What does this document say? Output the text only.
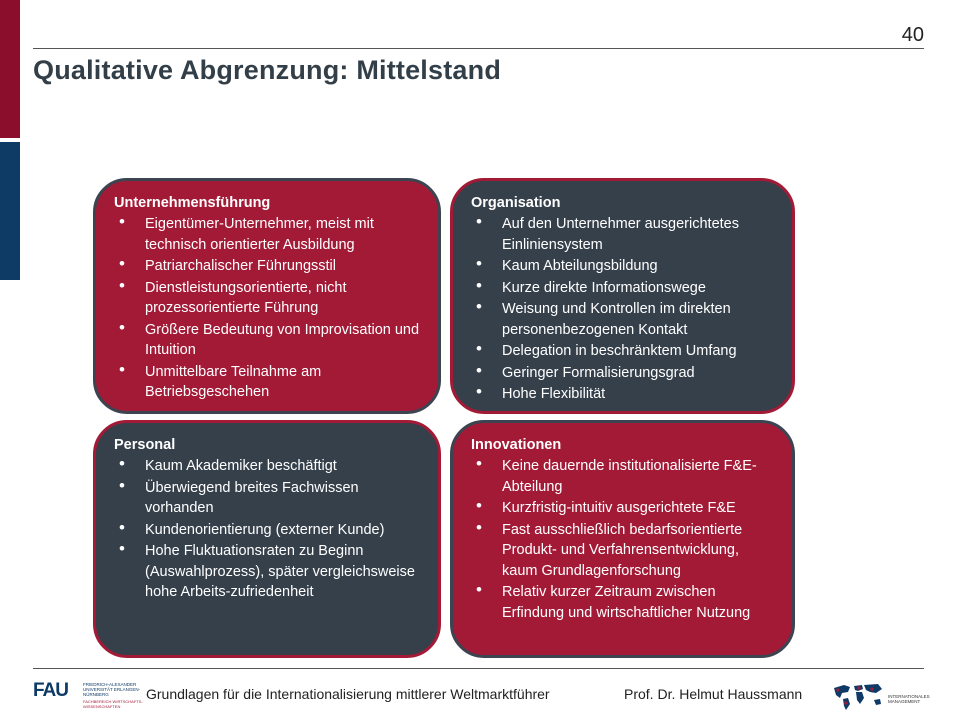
40
Qualitative Abgrenzung: Mittelstand
Unternehmensführung
• Eigentümer-Unternehmer, meist mit technisch orientierter Ausbildung
• Patriarchalischer Führungsstil
• Dienstleistungsorientierte, nicht prozessorientierte Führung
• Größere Bedeutung von Improvisation und Intuition
• Unmittelbare Teilnahme am Betriebsgeschehen
Organisation
• Auf den Unternehmer ausgerichtetes Einliniensystem
• Kaum Abteilungsbildung
• Kurze direkte Informationswege
• Weisung und Kontrollen im direkten personenbezogenen Kontakt
• Delegation in beschränktem Umfang
• Geringer Formalisierungsgrad
• Hohe Flexibilität
Personal
• Kaum Akademiker beschäftigt
• Überwiegend breites Fachwissen vorhanden
• Kundenorientierung (externer Kunde)
• Hohe Fluktuationsraten zu Beginn (Auswahlprozess), später vergleichsweise hohe Arbeits-zufriedenheit
Innovationen
• Keine dauernde institutionalisierte F&E-Abteilung
• Kurzfristig-intuitiv ausgerichtete F&E
• Fast ausschließlich bedarfsorientierte Produkt- und Verfahrensentwicklung, kaum Grundlagenforschung
• Relativ kurzer Zeitraum zwischen Erfindung und wirtschaftlicher Nutzung
FAU	FRIEDRICH-ALEXANDER UNIVERSITÄT ERLANGEN-NÜRNBERG
FACHBEREICH WIRTSCHAFTS-WISSENSCHAFTEN
Grundlagen für die Internationalisierung mittlerer Weltmarktführer	Prof. Dr. Helmut Haussmann	INTERNATIONALES MANAGEMENT
